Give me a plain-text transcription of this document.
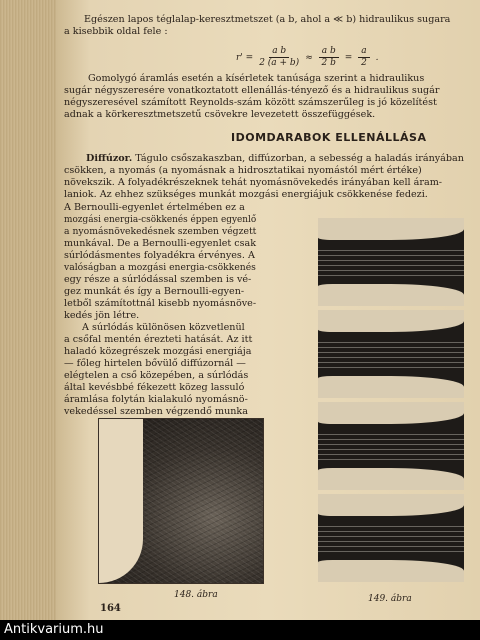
Egészen lapos téglalap-keresztmetszet (a b, ahol a ≪ b) hidraulikus sugara
a kisebbik oldal fele :
$r' = \frac{\text{a b}}{2 (a + b)} \approx \frac{\text{a b}}{2 b} = \frac{a}{2}$ .
Gomolygó áramlás esetén a kísérletek tanúsága szerint a hidraulikus
sugár négyszeresére vonatkoztatott ellenállás-tényező és a hidraulikus sugár
négyszeresével számított Reynolds-szám között számszerűleg is jó közelítést
adnak a körkeresztmetszetű csövekre levezetett összefüggések.
IDOMDARABOK ELLENÁLLÁSA
Diffúzor. Tágulo csőszakaszban, diffúzorban, a sebesség a haladás irányában
csökken, a nyomás (a nyomásnak a hidrosztatikai nyomástól mért értéke)
növekszik. A folyadékrészeknek tehát nyomásnövekedés irányában kell áram-
laniok. Az ehhez szükséges munkát mozgási energiájuk csökkenése fedezi.
A Bernoulli-egyenlet értelmében ez a
mozgási energia-csökkenés éppen egyenlő
a nyomásnövekedésnek szemben végzett
munkával. De a Bernoulli-egyenlet csak
súrlódásmentes folyadékra érvényes. A
valóságban a mozgási energia-csökkenés
egy része a súrlódással szemben is vé-
gez munkát és így a Bernoulli-egyen-
letből számítottnál kisebb nyomásnöve-
kedés jön létre.
A súrlódás különösen közvetlenül
a csőfal mentén érezteti hatását. Az itt
haladó közegrészek mozgási energiája
— főleg hirtelen bővülő diffúzornál —
elégtelen a cső közepében, a súrlódás
által kevésbbé fékezett közeg lassuló
áramlása folytán kialakuló nyomásnö-
vekedéssel szemben végzendő munka
148. ábra	149. ábra
164
Antikvarium.hu
